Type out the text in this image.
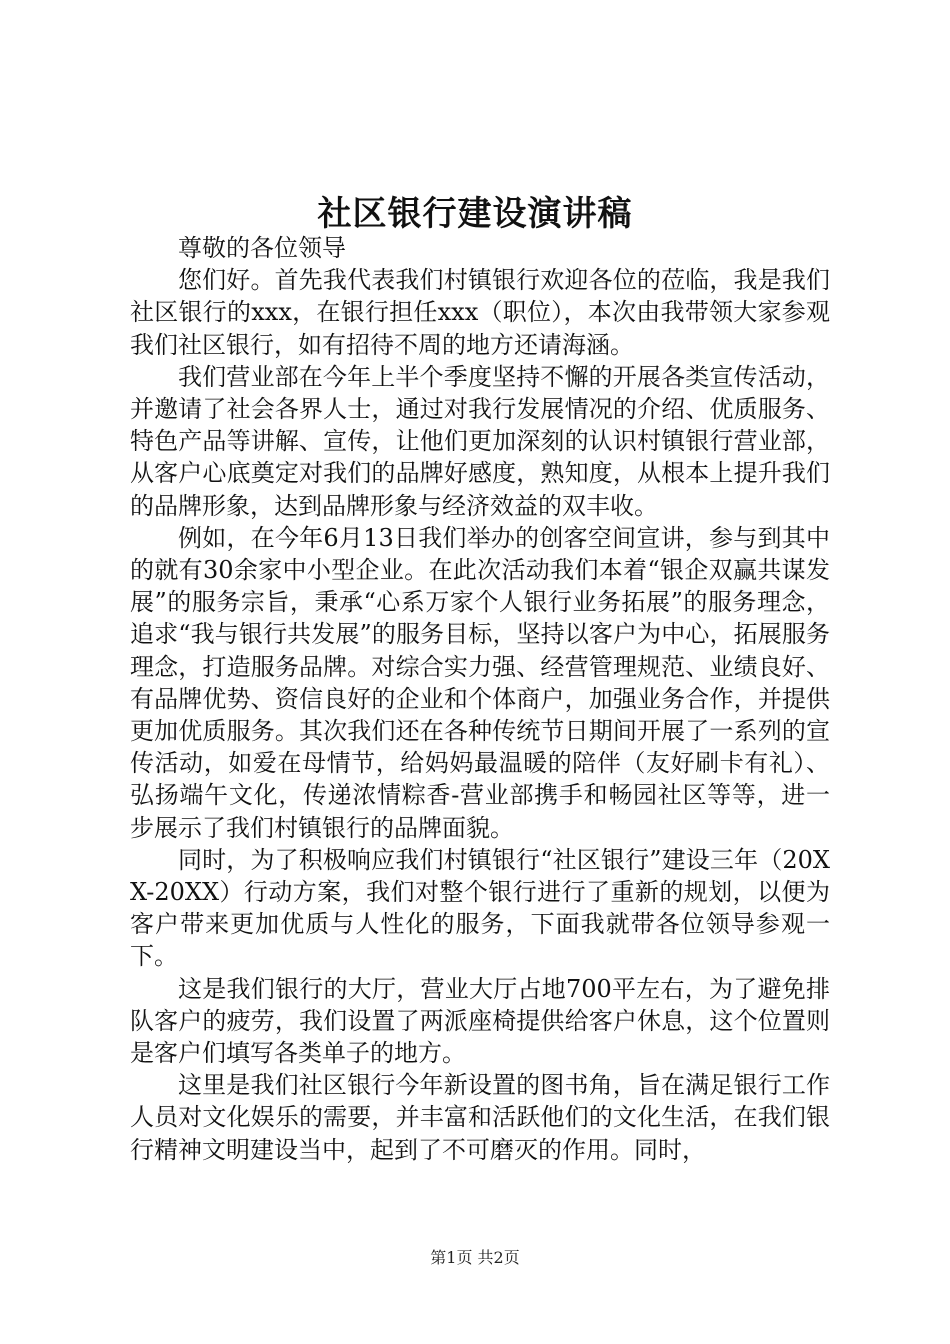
社区银行建设演讲稿

尊敬的各位领导

您们好。首先我代表我们村镇银行欢迎各位的莅临，我是我们社区银行的xxx，在银行担任xxx（职位），本次由我带领大家参观我们社区银行，如有招待不周的地方还请海涵。

我们营业部在今年上半个季度坚持不懈的开展各类宣传活动，并邀请了社会各界人士，通过对我行发展情况的介绍、优质服务、特色产品等讲解、宣传，让他们更加深刻的认识村镇银行营业部，从客户心底奠定对我们的品牌好感度，熟知度，从根本上提升我们的品牌形象，达到品牌形象与经济效益的双丰收。

例如，在今年6月13日我们举办的创客空间宣讲，参与到其中的就有30余家中小型企业。在此次活动我们本着“银企双赢共谋发展”的服务宗旨，秉承“心系万家个人银行业务拓展”的服务理念，追求“我与银行共发展”的服务目标，坚持以客户为中心，拓展服务理念，打造服务品牌。对综合实力强、经营管理规范、业绩良好、有品牌优势、资信良好的企业和个体商户，加强业务合作，并提供更加优质服务。其次我们还在各种传统节日期间开展了一系列的宣传活动，如爱在母情节，给妈妈最温暖的陪伴（友好刷卡有礼）、弘扬端午文化，传递浓情粽香-营业部携手和畅园社区等等，进一步展示了我们村镇银行的品牌面貌。

同时，为了积极响应我们村镇银行“社区银行”建设三年（20XX-20XX）行动方案，我们对整个银行进行了重新的规划，以便为客户带来更加优质与人性化的服务，下面我就带各位领导参观一下。

这是我们银行的大厅，营业大厅占地700平左右，为了避免排队客户的疲劳，我们设置了两派座椅提供给客户休息，这个位置则是客户们填写各类单子的地方。

这里是我们社区银行今年新设置的图书角，旨在满足银行工作人员对文化娱乐的需要，并丰富和活跃他们的文化生活，在我们银行精神文明建设当中，起到了不可磨灭的作用。同时，

第1页 共2页
